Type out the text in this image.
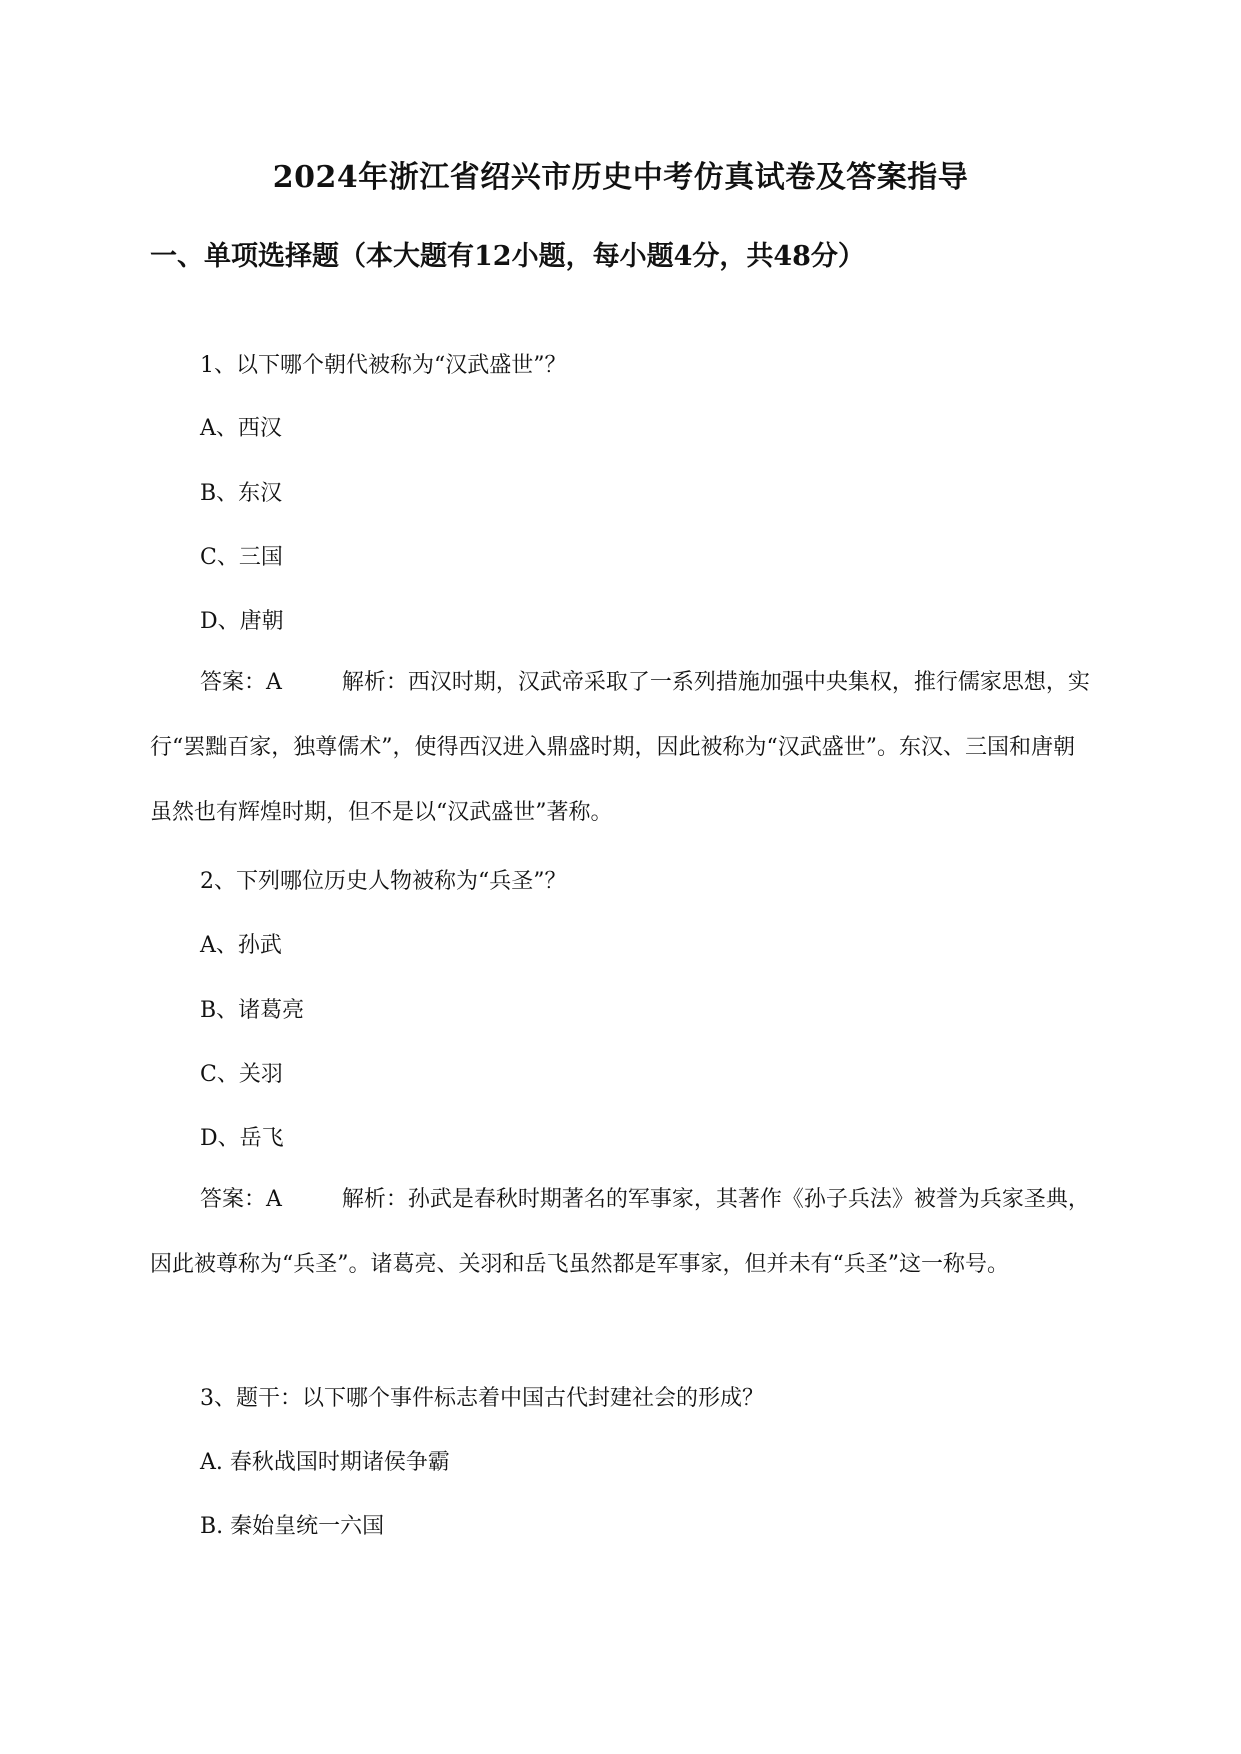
2024年浙江省绍兴市历史中考仿真试卷及答案指导
一、单项选择题（本大题有12小题，每小题4分，共48分）
1、以下哪个朝代被称为“汉武盛世”？
A、西汉
B、东汉
C、三国
D、唐朝

答案：A	解析：西汉时期，汉武帝采取了一系列措施加强中央集权，推行儒家思想，实行“罢黜百家，独尊儒术”，使得西汉进入鼎盛时期，因此被称为“汉武盛世”。东汉、三国和唐朝虽然也有辉煌时期，但不是以“汉武盛世”著称。

2、下列哪位历史人物被称为“兵圣”？
A、孙武
B、诸葛亮
C、关羽
D、岳飞

答案：A	解析：孙武是春秋时期著名的军事家，其著作《孙子兵法》被誉为兵家圣典，因此被尊称为“兵圣”。诸葛亮、关羽和岳飞虽然都是军事家，但并未有“兵圣”这一称号。

3、题干：以下哪个事件标志着中国古代封建社会的形成？
A. 春秋战国时期诸侯争霸
B. 秦始皇统一六国
